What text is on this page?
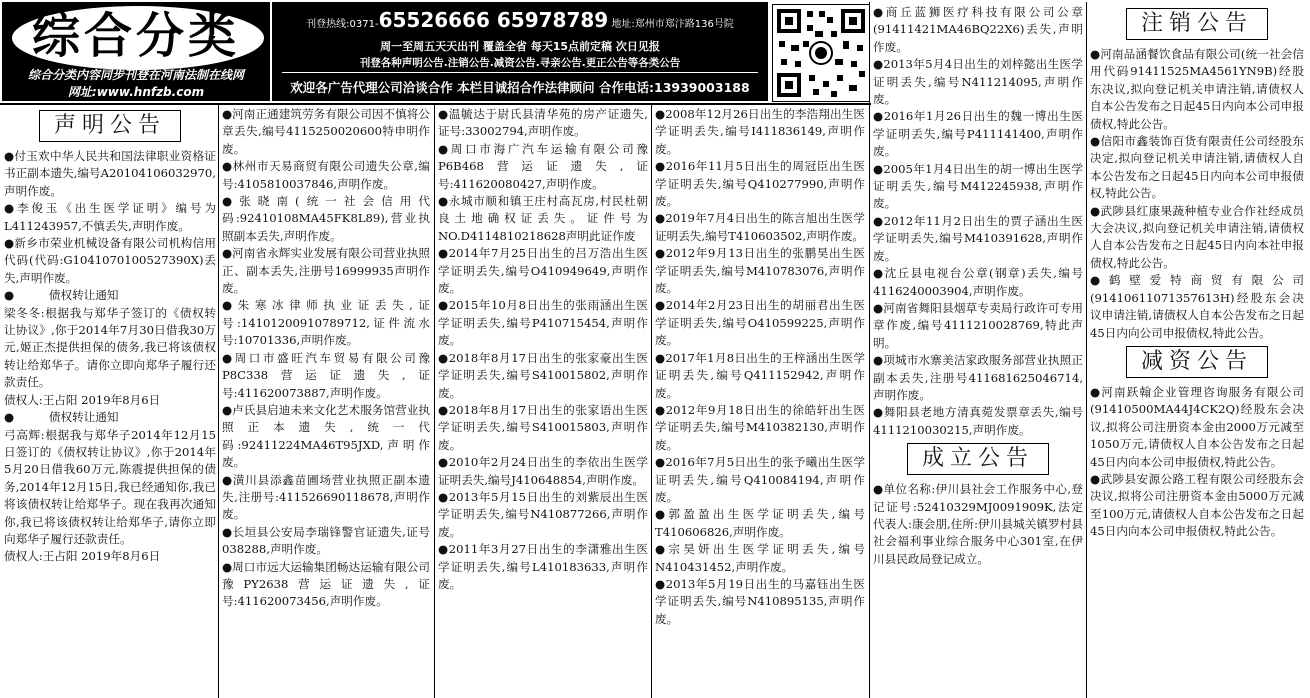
综合分类
综合分类内容同步刊登在河南法制在线网
网址:www.hnfzb.com
刊登热线:0371-65526666 65978789 地址:郑州市郑汴路136号院
周一至周五天天出刊 覆盖全省 每天15点前定稿 次日见报
刊登各种声明公告.注销公告.减资公告.寻亲公告.更正公告等各类公告
欢迎各广告代理公司洽谈合作 本栏目诚招合作法律顾问 合作电话:13939003188
声明公告

●付玉欢中华人民共和国法律职业资格证书正副本遗失,编号A20104106032970,声明作废。

●李俊玉《出生医学证明》编号为L411243957,不慎丢失,声明作废。

●新乡市荣业机械设备有限公司机构信用代码(代码:G1041070100527390X)丢失,声明作废。

●　　　债权转让通知

梁冬冬:根据我与郑华子签订的《债权转让协议》,你于2014年7月30日借我30万元,姬正杰提供担保的债务,我已将该债权转让给郑华子。请你立即向郑华子履行还款责任。

债权人:王占阳 2019年8月6日

●　　　债权转让通知

弓高辉:根据我与郑华子2014年12月15日签订的《债权转让协议》,你于2014年5月20日借我60万元,陈震提供担保的债务,2014年12月15日,我已经通知你,我已将该债权转让给郑华子。现在我再次通知你,我已将该债权转让给郑华子,请你立即向郑华子履行还款责任。

债权人:王占阳 2019年8月6日

●河南正通建筑劳务有限公司因不慎将公章丢失,编号4115250020600特申明作废。

●林州市天易商贸有限公司遗失公章,编号:4105810037846,声明作废。

●张晓南(统一社会信用代码:92410108MA45FK8L89),营业执照副本丢失,声明作废。

●河南省永辉实业发展有限公司营业执照正、副本丢失,注册号16999935声明作废。

●朱寒冰律师执业证丢失,证号:14101200910789712,证件流水号:10701336,声明作废。

●周口市盛旺汽车贸易有限公司豫P8C338营运证遗失,证号:411620073887,声明作废。

●卢氏县启迪未来文化艺术服务馆营业执照正本遗失,统一代码:92411224MA46T95JXD,声明作废。

●潢川县添鑫苗圃场营业执照正副本遗失,注册号:411526690118678,声明作废。

●长垣县公安局李瑞锋警官证遗失,证号038288,声明作废。

●周口市远大运输集团畅达运输有限公司豫PY2638营运证遗失,证号:411620073456,声明作废。

●温毓达于尉氏县清华苑的房产证遗失,证号:33002794,声明作废。

●周口市海广汽车运输有限公司豫P6B468营运证遗失,证号:411620080427,声明作废。

●永城市顺和镇王庄村高瓦房,村民杜朝良土地确权证丢失。证件号为NO.D4114810218628声明此证作废

●2014年7月25日出生的吕万浩出生医学证明丢失,编号O410949649,声明作废。

●2015年10月8日出生的张雨涵出生医学证明丢失,编号P410715454,声明作废。

●2018年8月17日出生的张家豪出生医学证明丢失,编号S410015802,声明作废。

●2018年8月17日出生的张家语出生医学证明丢失,编号S410015803,声明作废。

●2010年2月24日出生的李依出生医学证明丢失,编号J410648854,声明作废。

●2013年5月15日出生的刘紫辰出生医学证明丢失,编号N410877266,声明作废。

●2011年3月27日出生的李潇雅出生医学证明丢失,编号L410183633,声明作废。

●2008年12月26日出生的李浩翔出生医学证明丢失,编号I411836149,声明作废。

●2016年11月5日出生的周冠臣出生医学证明丢失,编号Q410277990,声明作废。

●2019年7月4日出生的陈言旭出生医学证明丢失,编号T410603502,声明作废。

●2012年9月13日出生的张鹏昊出生医学证明丢失,编号M410783076,声明作废。

●2014年2月23日出生的胡丽君出生医学证明丢失,编号O410599225,声明作废。

●2017年1月8日出生的王梓涵出生医学证明丢失,编号Q411152942,声明作废。

●2012年9月18日出生的徐皓轩出生医学证明丢失,编号M410382130,声明作废。

●2016年7月5日出生的张予曦出生医学证明丢失,编号Q410084194,声明作废。

●郭盈盈出生医学证明丢失,编号T410606826,声明作废。

●宗昊妍出生医学证明丢失,编号N410431452,声明作废。

●2013年5月19日出生的马嘉钰出生医学证明丢失,编号N410895135,声明作废。

●商丘蓝狮医疗科技有限公司公章(91411421MA46BQ22X6)丢失,声明作废。

●2013年5月4日出生的刘梓懿出生医学证明丢失,编号N411214095,声明作废。

●2016年1月26日出生的魏一博出生医学证明丢失,编号P411141400,声明作废。

●2005年1月4日出生的胡一博出生医学证明丢失,编号M412245938,声明作废。

●2012年11月2日出生的贾子涵出生医学证明丢失,编号M410391628,声明作废。

●沈丘县电视台公章(钢章)丢失,编号4116240003904,声明作废。

●河南省舞阳县烟草专卖局行政许可专用章作废,编号4111210028769,特此声明。

●项城市水寨美洁家政服务部营业执照正副本丢失,注册号411681625046714,声明作废。

●舞阳县老地方清真菀发票章丢失,编号4111210030215,声明作废。

成立公告

●单位名称:伊川县社会工作服务中心,登记证号:52410329MJ0091909K,法定代表人:康会朋,住所:伊川县城关镇罗村县社会福利事业综合服务中心301室,在伊川县民政局登记成立。

注销公告

●河南品涵餐饮食品有限公司(统一社会信用代码91411525MA4561YN9B)经股东决议,拟向登记机关申请注销,请债权人自本公告发布之日起45日内向本公司申报债权,特此公告。

●信阳市鑫装饰百货有限责任公司经股东决定,拟向登记机关申请注销,请债权人自本公告发布之日起45日内向本公司申报债权,特此公告。

●武陟县红康果蔬种植专业合作社经成员大会决议,拟向登记机关申请注销,请债权人自本公告发布之日起45日内向本社申报债权,特此公告。

●鹤壁爱特商贸有限公司(91410611071357613H)经股东会决议申请注销,请债权人自本公告发布之日起45日内向公司申报债权,特此公告。

减资公告

●河南跃翰企业管理咨询服务有限公司(91410500MA44J4CK2Q)经股东会决议,拟将公司注册资本金由2000万元减至1050万元,请债权人自本公告发布之日起45日内向本公司申报债权,特此公告。

●武陟县安源公路工程有限公司经股东会决议,拟将公司注册资本金由5000万元减至100万元,请债权人自本公告发布之日起45日内向本公司申报债权,特此公告。
